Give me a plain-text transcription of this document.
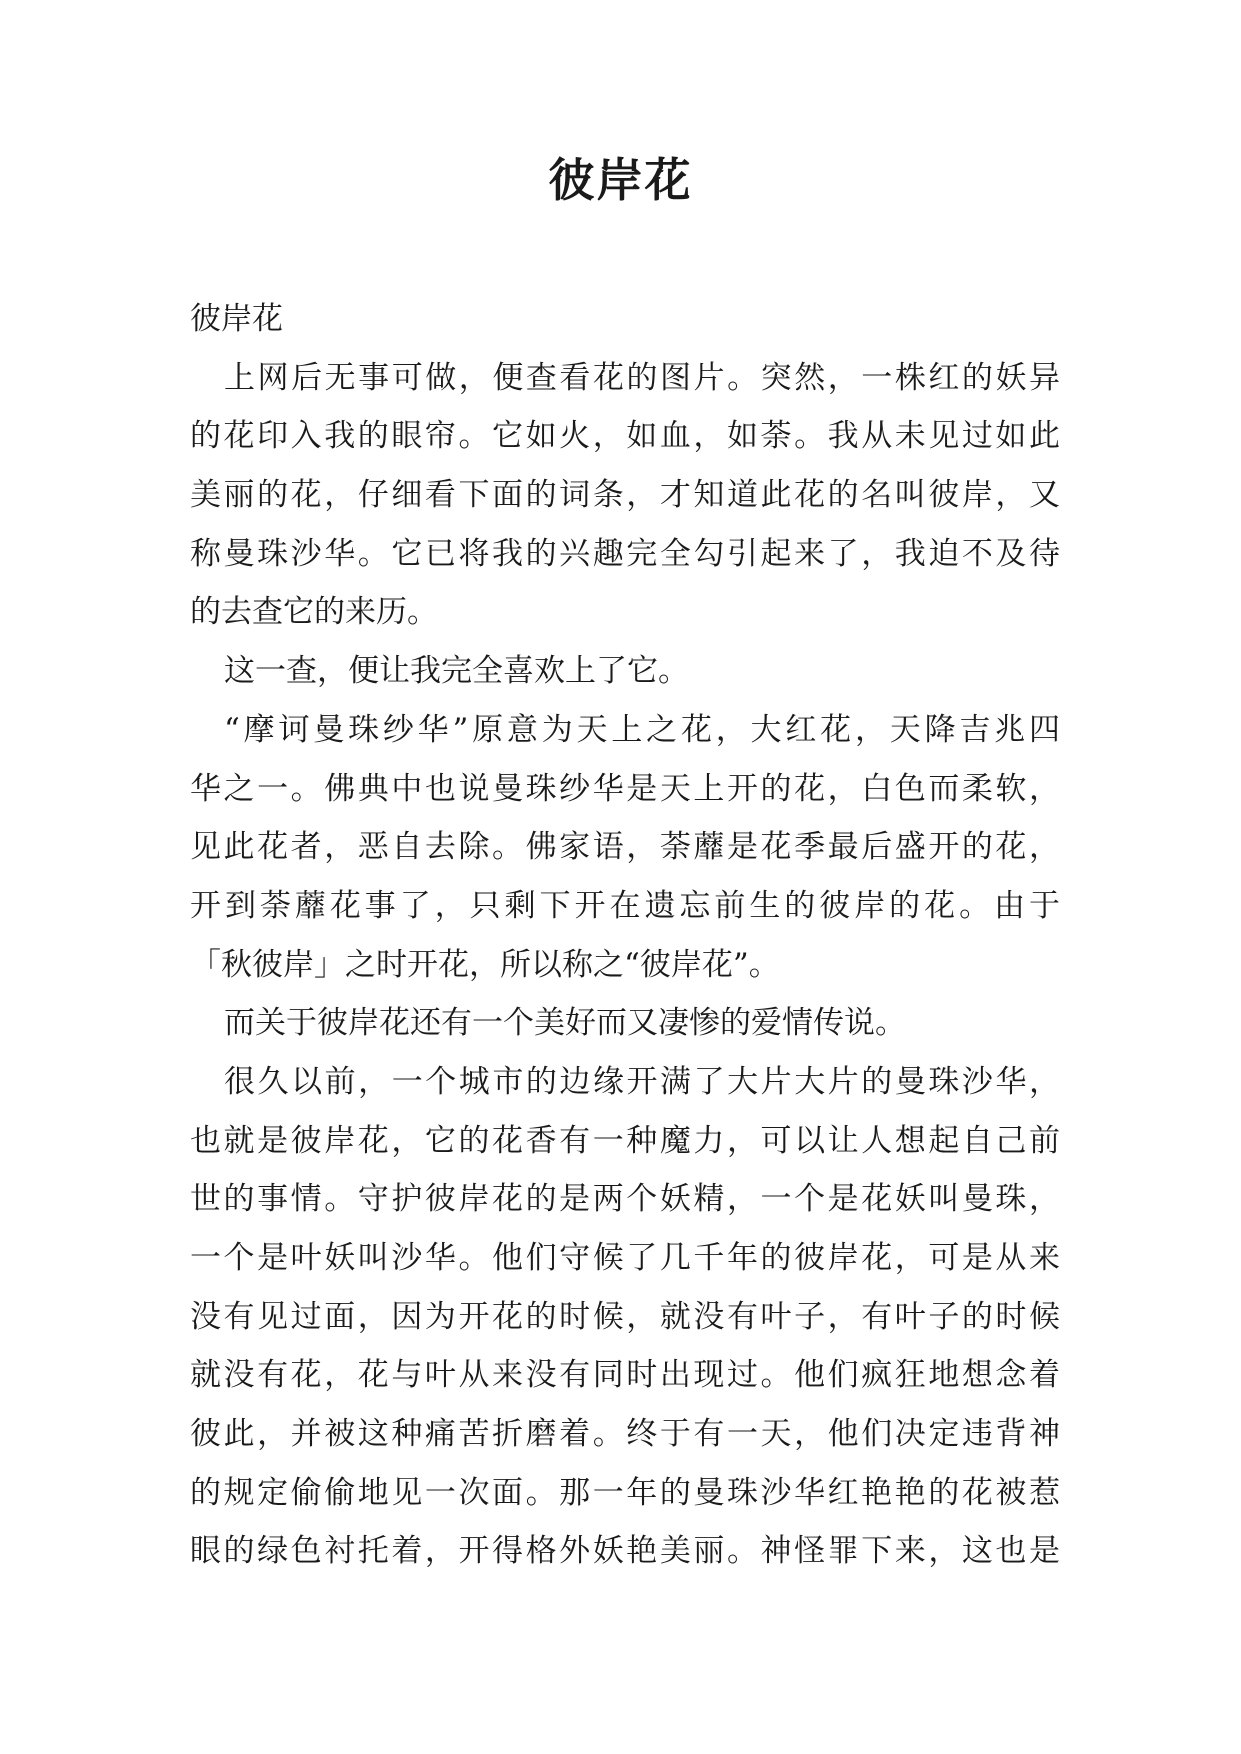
彼岸花
彼岸花
上网后无事可做，便查看花的图片。突然，一株红的妖异
的花印入我的眼帘。它如火，如血，如荼。我从未见过如此
美丽的花，仔细看下面的词条，才知道此花的名叫彼岸，又
称曼珠沙华。它已将我的兴趣完全勾引起来了，我迫不及待
的去查它的来历。
这一查，便让我完全喜欢上了它。
“摩诃曼珠纱华”原意为天上之花，大红花，天降吉兆四
华之一。佛典中也说曼珠纱华是天上开的花，白色而柔软，
见此花者，恶自去除。佛家语，荼蘼是花季最后盛开的花，
开到荼蘼花事了，只剩下开在遗忘前生的彼岸的花。由于
「秋彼岸」之时开花，所以称之“彼岸花”。
而关于彼岸花还有一个美好而又凄惨的爱情传说。
很久以前，一个城市的边缘开满了大片大片的曼珠沙华，
也就是彼岸花，它的花香有一种魔力，可以让人想起自己前
世的事情。守护彼岸花的是两个妖精，一个是花妖叫曼珠，
一个是叶妖叫沙华。他们守候了几千年的彼岸花，可是从来
没有见过面，因为开花的时候，就没有叶子，有叶子的时候
就没有花，花与叶从来没有同时出现过。他们疯狂地想念着
彼此，并被这种痛苦折磨着。终于有一天，他们决定违背神
的规定偷偷地见一次面。那一年的曼珠沙华红艳艳的花被惹
眼的绿色衬托着，开得格外妖艳美丽。神怪罪下来，这也是
